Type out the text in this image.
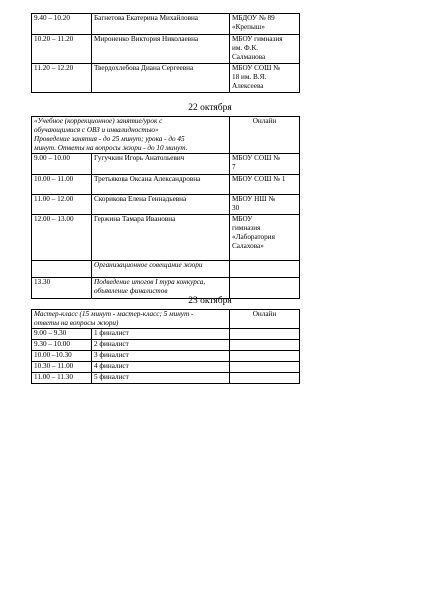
9.40 – 10.20	Багнетова Екатерина Михайловна	МБДОУ № 89
«Крепыш»

10.20 – 11.20	Мироненко Виктория Николаевна	МБОУ гимназия
им. Ф.К.
Салманова

11.20 – 12.20	Твердохлебова Диана Сергеевна	МБОУ СОШ №
18 им. В.Я.
Алексеева
22 октября
«Учебное (коррекционное) занятие/урок с
обучающимися с ОВЗ и инвалидностью»
Проведение занятия - до 25 минут; урока - до 45
минут. Ответы на вопросы жюри - до 10 минут.		Онлайн
9.00 – 10.00	Гугучкин Игорь Анатольевич	МБОУ СОШ №
7

10.00 – 11.00	Третьякова Оксана Александровна	МБОУ СОШ № 1

11.00 – 12.00	Скорикова Елена Геннадьевна	МБОУ НШ №
30

12.00 – 13.00	Гержина Тамара Ивановна	МБОУ
гимназия
«Лаборатория
Салахова»

	Организационное совещание жюри	
13.30	Подведение итогов I тура конкурса,
объявление финалистов	

23 октября
Мастер-класс (15 минут - мастер-класс; 5 минут -
ответы на вопросы жюри)		Онлайн
9.00 – 9.30	1 финалист	
9.30 – 10.00	2 финалист	
10.00 –10.30	3 финалист	
10.30 – 11.00	4 финалист	
11.00 – 11.30	5 финалист	
